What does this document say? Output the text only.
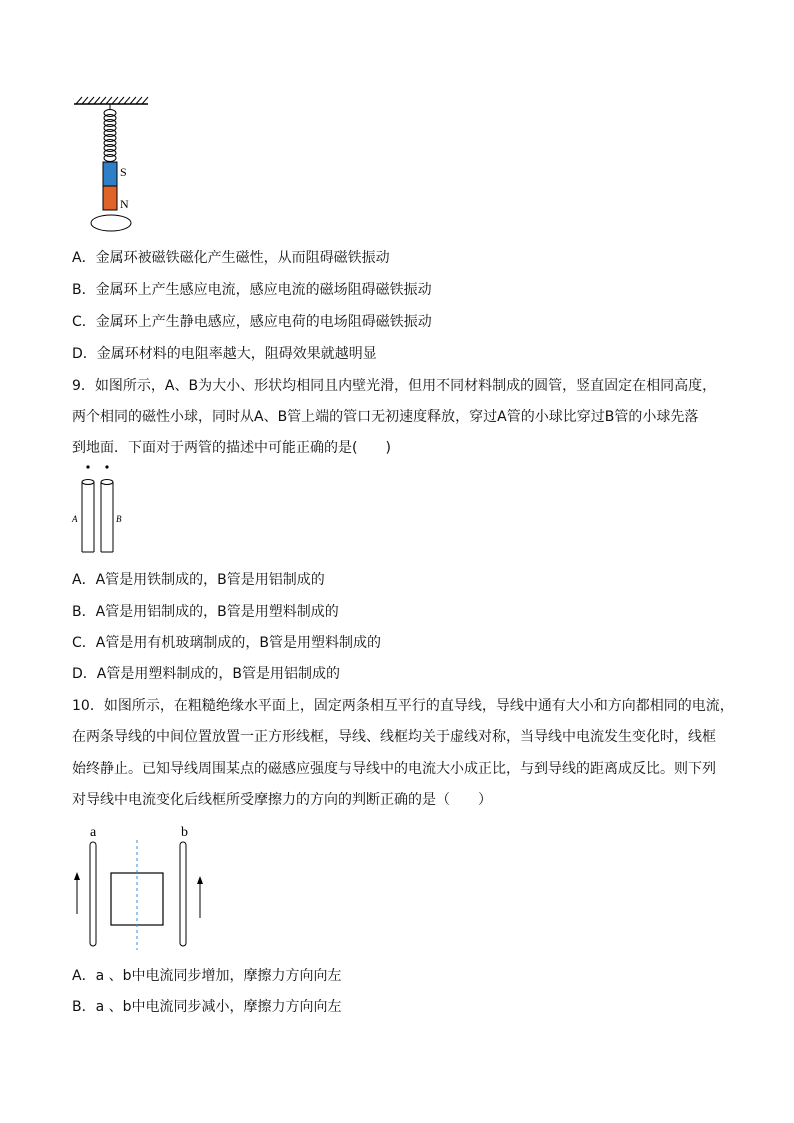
S
N
A．金属环被磁铁磁化产生磁性，从而阻碍磁铁振动
B．金属环上产生感应电流，感应电流的磁场阻碍磁铁振动
C．金属环上产生静电感应，感应电荷的电场阻碍磁铁振动
D．金属环材料的电阻率越大，阻碍效果就越明显
9．如图所示，A、B为大小、形状均相同且内壁光滑，但用不同材料制成的圆管，竖直固定在相同高度，
两个相同的磁性小球，同时从A、B管上端的管口无初速度释放，穿过A管的小球比穿过B管的小球先落
到地面．下面对于两管的描述中可能正确的是(　　)
A	B
A．A管是用铁制成的，B管是用铝制成的
B．A管是用铝制成的，B管是用塑料制成的
C．A管是用有机玻璃制成的，B管是用塑料制成的
D．A管是用塑料制成的，B管是用铝制成的
10．如图所示，在粗糙绝缘水平面上，固定两条相互平行的直导线，导线中通有大小和方向都相同的电流，
在两条导线的中间位置放置一正方形线框，导线、线框均关于虚线对称，当导线中电流发生变化时，线框
始终静止。已知导线周围某点的磁感应强度与导线中的电流大小成正比，与到导线的距离成反比。则下列
对导线中电流变化后线框所受摩擦力的方向的判断正确的是（　　）
a	b
A．a 、b中电流同步增加，摩擦力方向向左
B．a 、b中电流同步减小，摩擦力方向向左
